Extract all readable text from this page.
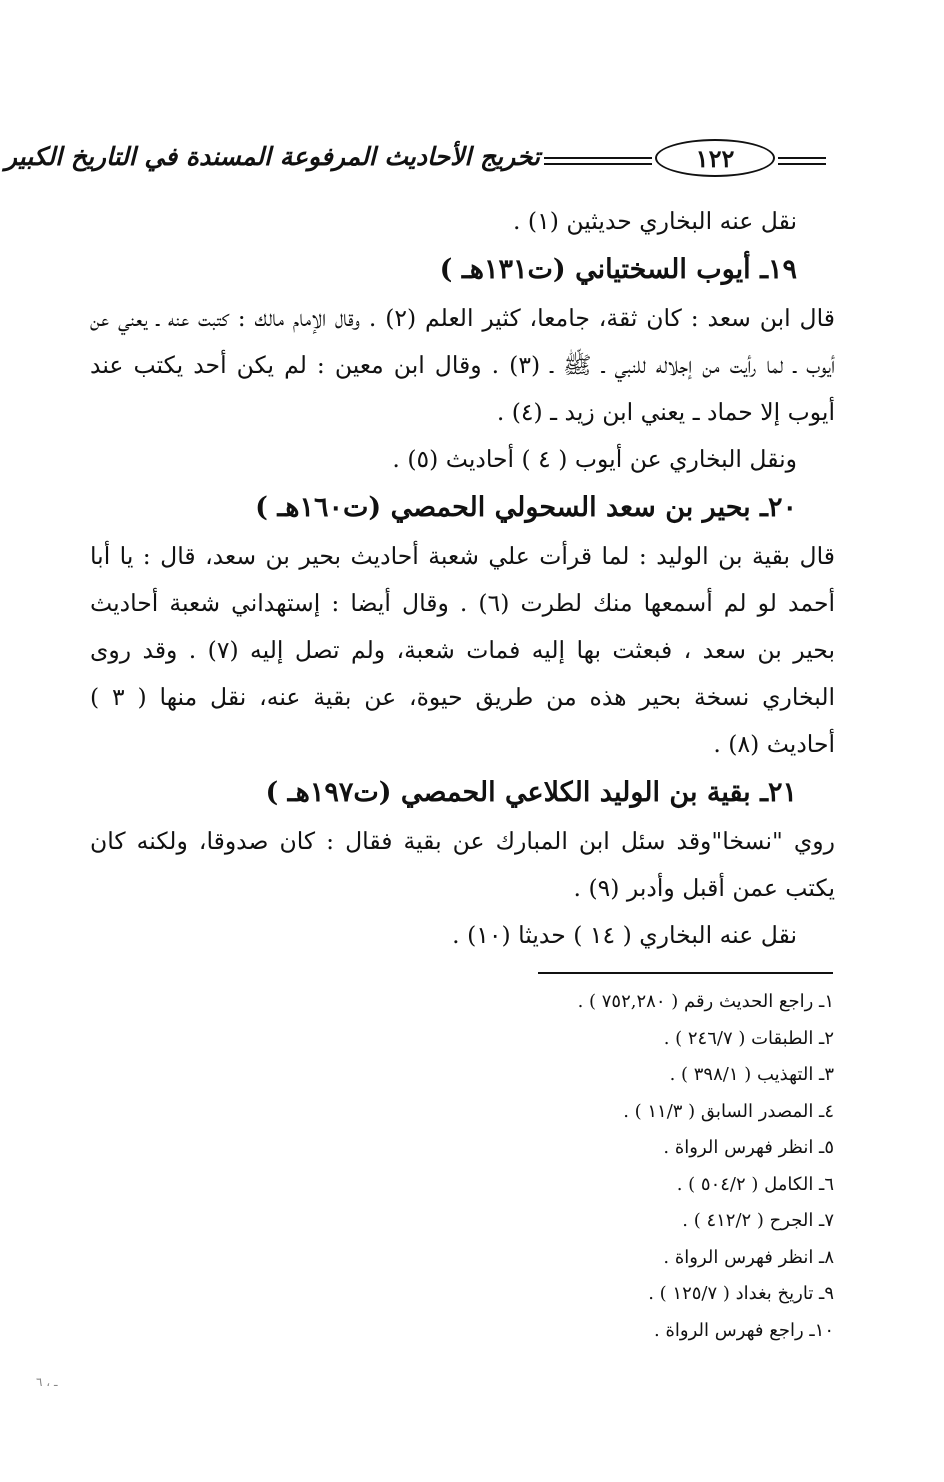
١٢٢
تخريج الأحاديث المرفوعة المسندة في التاريخ الكبير

نقل عنه البخاري حديثين (١) .

١٩ـ أيوب السختياني (ت١٣١هـ )

قال ابن سعد : كان ثقة، جامعا، كثير العلم (٢) . وقال الإمام مالك : كتبت عنه ـ يعني عن أيوب ـ لما رأيت من إجلاله للنبي ـ ﷺ ـ (٣) . وقال ابن معين : لم يكن أحد يكتب عند أيوب إلا حماد ـ يعني ابن زيد ـ (٤) .

ونقل البخاري عن أيوب ( ٤ ) أحاديث (٥) .

٢٠ـ بحير بن سعد السحولي الحمصي (ت١٦٠هـ )

قال بقية بن الوليد : لما قرأت علي شعبة أحاديث بحير بن سعد، قال : يا أبا أحمد لو لم أسمعها منك لطرت (٦) . وقال أيضا : إستهداني شعبة أحاديث بحير بن سعد ، فبعثت بها إليه فمات شعبة، ولم تصل إليه (٧) . وقد روى البخاري نسخة بحير هذه من طريق حيوة، عن بقية عنه، نقل منها ( ٣ ) أحاديث (٨) .

٢١ـ بقية بن الوليد الكلاعي الحمصي (ت١٩٧هـ )

روي "نسخا"وقد سئل ابن المبارك عن بقية فقال : كان صدوقا، ولكنه كان يكتب عمن أقبل وأدبر (٩) .

نقل عنه البخاري ( ١٤ ) حديثا (١٠) .

١ـ راجع الحديث رقم ( ٧٥٢,٢٨٠ ) .
٢ـ الطبقات ( ٢٤٦/٧ ) .
٣ـ التهذيب ( ٣٩٨/١ ) .
٤ـ المصدر السابق ( ١١/٣ ) .
٥ـ انظر فهرس الرواة .
٦ـ الكامل ( ٥٠٤/٢ ) .
٧ـ الجرح ( ٤١٢/٢ ) .
٨ـ انظر فهرس الرواة .
٩ـ تاريخ بغداد ( ١٢٥/٧ ) .
١٠ـ راجع فهرس الرواة .
ـ ، ٦
